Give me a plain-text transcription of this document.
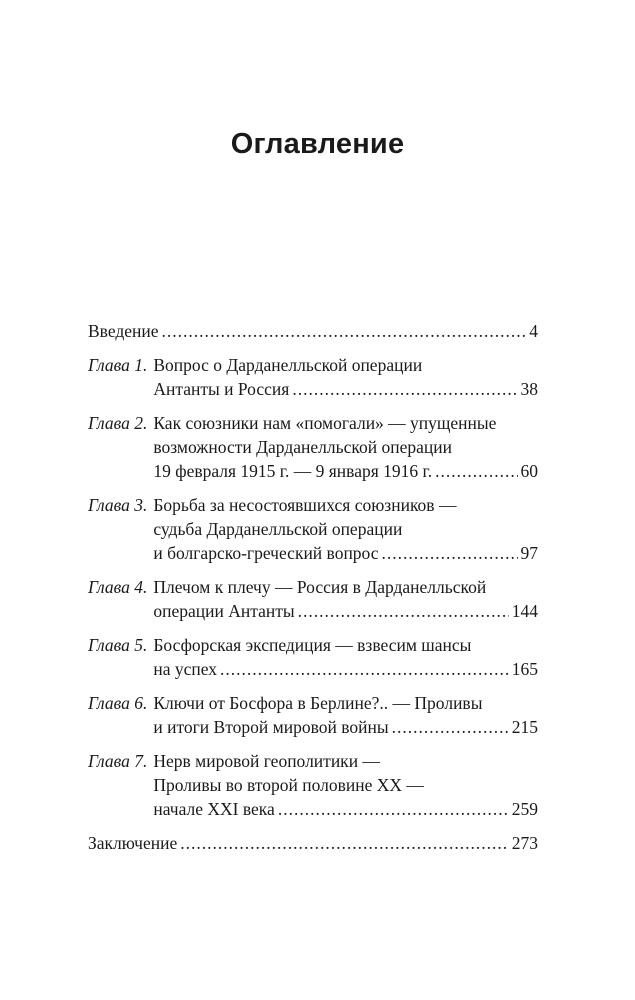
Оглавление
Введение .....	4
Глава 1. Вопрос о Дарданелльской операции
Антанты и Россия .....	38
Глава 2. Как союзники нам «помогали» — упущенные
возможности Дарданелльской операции
19 февраля 1915 г. — 9 января 1916 г. .....	60
Глава 3. Борьба за несостоявшихся союзников —
судьба Дарданелльской операции
и болгарско-греческий вопрос .....	97
Глава 4. Плечом к плечу — Россия в Дарданелльской
операции Антанты .....	144
Глава 5. Босфорская экспедиция — взвесим шансы
на успех .....	165
Глава 6. Ключи от Босфора в Берлине?.. — Проливы
и итоги Второй мировой войны .....	215
Глава 7. Нерв мировой геополитики —
Проливы во второй половине XX —
начале XXI века .....	259
Заключение .....	273
